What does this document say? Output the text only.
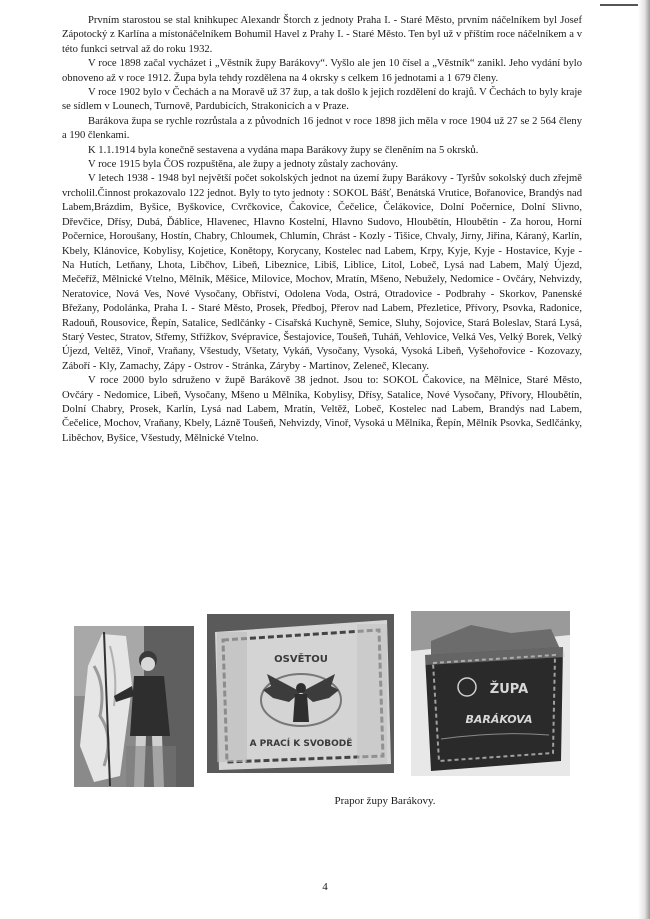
Prvním starostou se stal knihkupec Alexandr Štorch z jednoty Praha I. - Staré Město, prvním náčelníkem byl Josef Zápotocký z Karlína a místonáčelníkem Bohumil Havel z Prahy I. - Staré Město. Ten byl už v příštím roce náčelníkem a v této funkci setrval až do roku 1932.

V roce 1898 začal vycházet i „Věstník župy Barákovy“. Vyšlo ale jen 10 čísel a „Věstník“ zanikl. Jeho vydání bylo obnoveno až v roce 1912. Župa byla tehdy rozdělena na 4 okrsky s celkem 16 jednotami a 1 679 členy.

V roce 1902 bylo v Čechách a na Moravě už 37 žup, a tak došlo k jejich rozdělení do krajů. V Čechách to byly kraje se sídlem v Lounech, Turnově, Pardubicích, Strakonicích a v Praze.

Barákova župa se rychle rozrůstala a z původních 16 jednot v roce 1898 jich měla v roce 1904 už 27 se 2 564 členy a 190 členkami.

K 1.1.1914 byla konečně sestavena a vydána mapa Barákovy župy se členěním na 5 okrsků.

V roce 1915 byla ČOS rozpuštěna, ale župy a jednoty zůstaly zachovány.

V letech 1938 - 1948 byl největší počet sokolských jednot na území župy Barákovy - Tyršův sokolský duch zřejmě vrcholil.Činnost prokazovalo 122 jednot. Byly to tyto jednoty : SOKOL Bášť, Benátská Vrutice, Bořanovice, Brandýs nad Labem,Brázdim, Byšice, Byškovice, Cvrčkovice, Čakovice, Čečelice, Čelákovice, Dolní Počernice, Dolní Slivno, Dřevčice, Dřísy, Dubá, Ďáblice, Hlavenec, Hlavno Kostelní, Hlavno Sudovo, Hloubětín, Hloubětín - Za horou, Horní Počernice, Horoušany, Hostín, Chabry, Chloumek, Chlumín, Chrást - Kozly - Tišice, Chvaly, Jirny, Jiřina, Káraný, Karlín, Kbely, Klánovice, Kobylisy, Kojetice, Konětopy, Korycany, Kostelec nad Labem, Krpy, Kyje, Kyje - Hostavice, Kyje - Na Hutích, Letňany, Lhota, Libčhov, Libeň, Libeznice, Libiš, Liblice, Litol, Lobeč, Lysá nad Labem, Malý Újezd, Mečeříž, Mělnické Vtelno, Mělník, Měšice, Milovice, Mochov, Mratín, Mšeno, Nebužely, Nedomice - Ovčáry, Nehvizdy, Neratovice, Nová Ves, Nové Vysočany, Obříství, Odolena Voda, Ostrá, Otradovice - Podbrahy - Skorkov, Panenské Břežany, Podolánka, Praha I. - Staré Město, Prosek, Předboj, Přerov nad Labem, Přezletice, Přívory, Psovka, Radonice, Radouň, Rousovice, Řepín, Satalice, Sedlčánky - Císařská Kuchyně, Semice, Sluhy, Sojovice, Stará Boleslav, Stará Lysá, Starý Vestec, Stratov, Střemy, Střížkov, Svépravice, Šestajovice, Toušeň, Tuháň, Vehlovice, Velká Ves, Velký Borek, Velký Újezd, Veltěž, Vinoř, Vraňany, Všestudy, Všetaty, Vykáň, Vysočany, Vysoká, Vysoká Libeň, Vyšehořovice - Kozovazy, Záboří - Kly, Zamachy, Zápy - Ostrov - Stránka, Záryby - Martinov, Zeleneč, Klecany.

V roce 2000 bylo sdruženo v župě Barákově 38 jednot. Jsou to: SOKOL Čakovice, na Mělnice, Staré Město, Ovčáry - Nedomice, Libeň, Vysočany, Mšeno u Mělníka, Kobylisy, Dřísy, Satalice, Nové Vysočany, Přívory, Hloubětín, Dolní Chabry, Prosek, Karlín, Lysá nad Labem, Mratín, Veltěž, Lobeč, Kostelec nad Labem, Brandýs nad Labem, Čečelice, Mochov, Vraňany, Kbely, Lázně Toušeň, Nehvizdy, Vinoř, Vysoká u Mělníka, Řepín, Mělník Psovka, Sedlčánky, Liběchov, Byšice, Všestudy, Mělnické Vtelno.

OSVĚTOU
A PRACÍ K SVOBODĚ
ŽUPA
BARÁKOVA
Prapor župy Barákovy.
4
